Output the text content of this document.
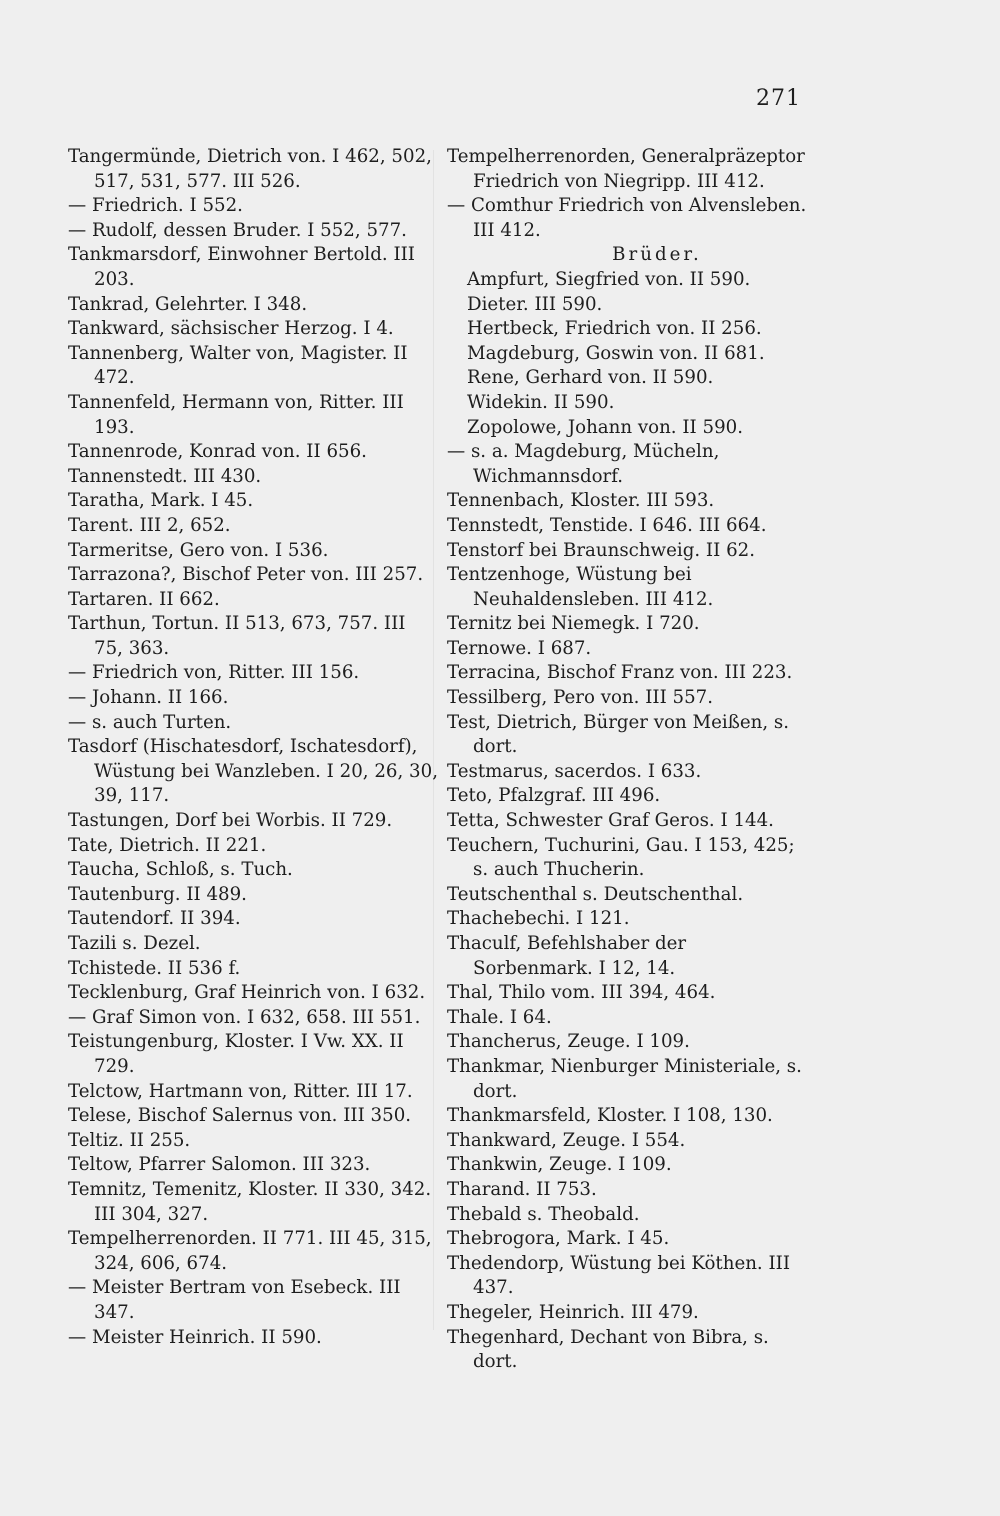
271

Tangermünde, Dietrich von. I 462, 502, 517, 531, 577. III 526.

— Friedrich. I 552.

— Rudolf, dessen Bruder. I 552, 577.

Tankmarsdorf, Einwohner Bertold. III 203.

Tankrad, Gelehrter. I 348.

Tankward, sächsischer Herzog. I 4.

Tannenberg, Walter von, Magister. II 472.

Tannenfeld, Hermann von, Ritter. III 193.

Tannenrode, Konrad von. II 656.

Tannenstedt. III 430.

Taratha, Mark. I 45.

Tarent. III 2, 652.

Tarmeritse, Gero von. I 536.

Tarrazona?, Bischof Peter von. III 257.

Tartaren. II 662.

Tarthun, Tortun. II 513, 673, 757. III 75, 363.

— Friedrich von, Ritter. III 156.

— Johann. II 166.

— s. auch Turten.

Tasdorf (Hischatesdorf, Ischatesdorf), Wüstung bei Wanzleben. I 20, 26, 30, 39, 117.

Tastungen, Dorf bei Worbis. II 729.

Tate, Dietrich. II 221.

Taucha, Schloß, s. Tuch.

Tautenburg. II 489.

Tautendorf. II 394.

Tazili s. Dezel.

Tchistede. II 536 f.

Tecklenburg, Graf Heinrich von. I 632.

— Graf Simon von. I 632, 658. III 551.

Teistungenburg, Kloster. I Vw. XX. II 729.

Telctow, Hartmann von, Ritter. III 17.

Telese, Bischof Salernus von. III 350.

Teltiz. II 255.

Teltow, Pfarrer Salomon. III 323.

Temnitz, Temenitz, Kloster. II 330, 342. III 304, 327.

Tempelherrenorden. II 771. III 45, 315, 324, 606, 674.

— Meister Bertram von Esebeck. III 347.

— Meister Heinrich. II 590.

Tempelherrenorden, Generalpräzeptor Friedrich von Niegripp. III 412.

— Comthur Friedrich von Alvensleben. III 412.

Brüder.

Ampfurt, Siegfried von. II 590.

Dieter. III 590.

Hertbeck, Friedrich von. II 256.

Magdeburg, Goswin von. II 681.

Rene, Gerhard von. II 590.

Widekin. II 590.

Zopolowe, Johann von. II 590.

— s. a. Magdeburg, Mücheln, Wichmannsdorf.

Tennenbach, Kloster. III 593.

Tennstedt, Tenstide. I 646. III 664.

Tenstorf bei Braunschweig. II 62.

Tentzenhoge, Wüstung bei Neuhaldensleben. III 412.

Ternitz bei Niemegk. I 720.

Ternowe. I 687.

Terracina, Bischof Franz von. III 223.

Tessilberg, Pero von. III 557.

Test, Dietrich, Bürger von Meißen, s. dort.

Testmarus, sacerdos. I 633.

Teto, Pfalzgraf. III 496.

Tetta, Schwester Graf Geros. I 144.

Teuchern, Tuchurini, Gau. I 153, 425; s. auch Thucherin.

Teutschenthal s. Deutschenthal.

Thachebechi. I 121.

Thaculf, Befehlshaber der Sorbenmark. I 12, 14.

Thal, Thilo vom. III 394, 464.

Thale. I 64.

Thancherus, Zeuge. I 109.

Thankmar, Nienburger Ministeriale, s. dort.

Thankmarsfeld, Kloster. I 108, 130.

Thankward, Zeuge. I 554.

Thankwin, Zeuge. I 109.

Tharand. II 753.

Thebald s. Theobald.

Thebrogora, Mark. I 45.

Thedendorp, Wüstung bei Köthen. III 437.

Thegeler, Heinrich. III 479.

Thegenhard, Dechant von Bibra, s. dort.
